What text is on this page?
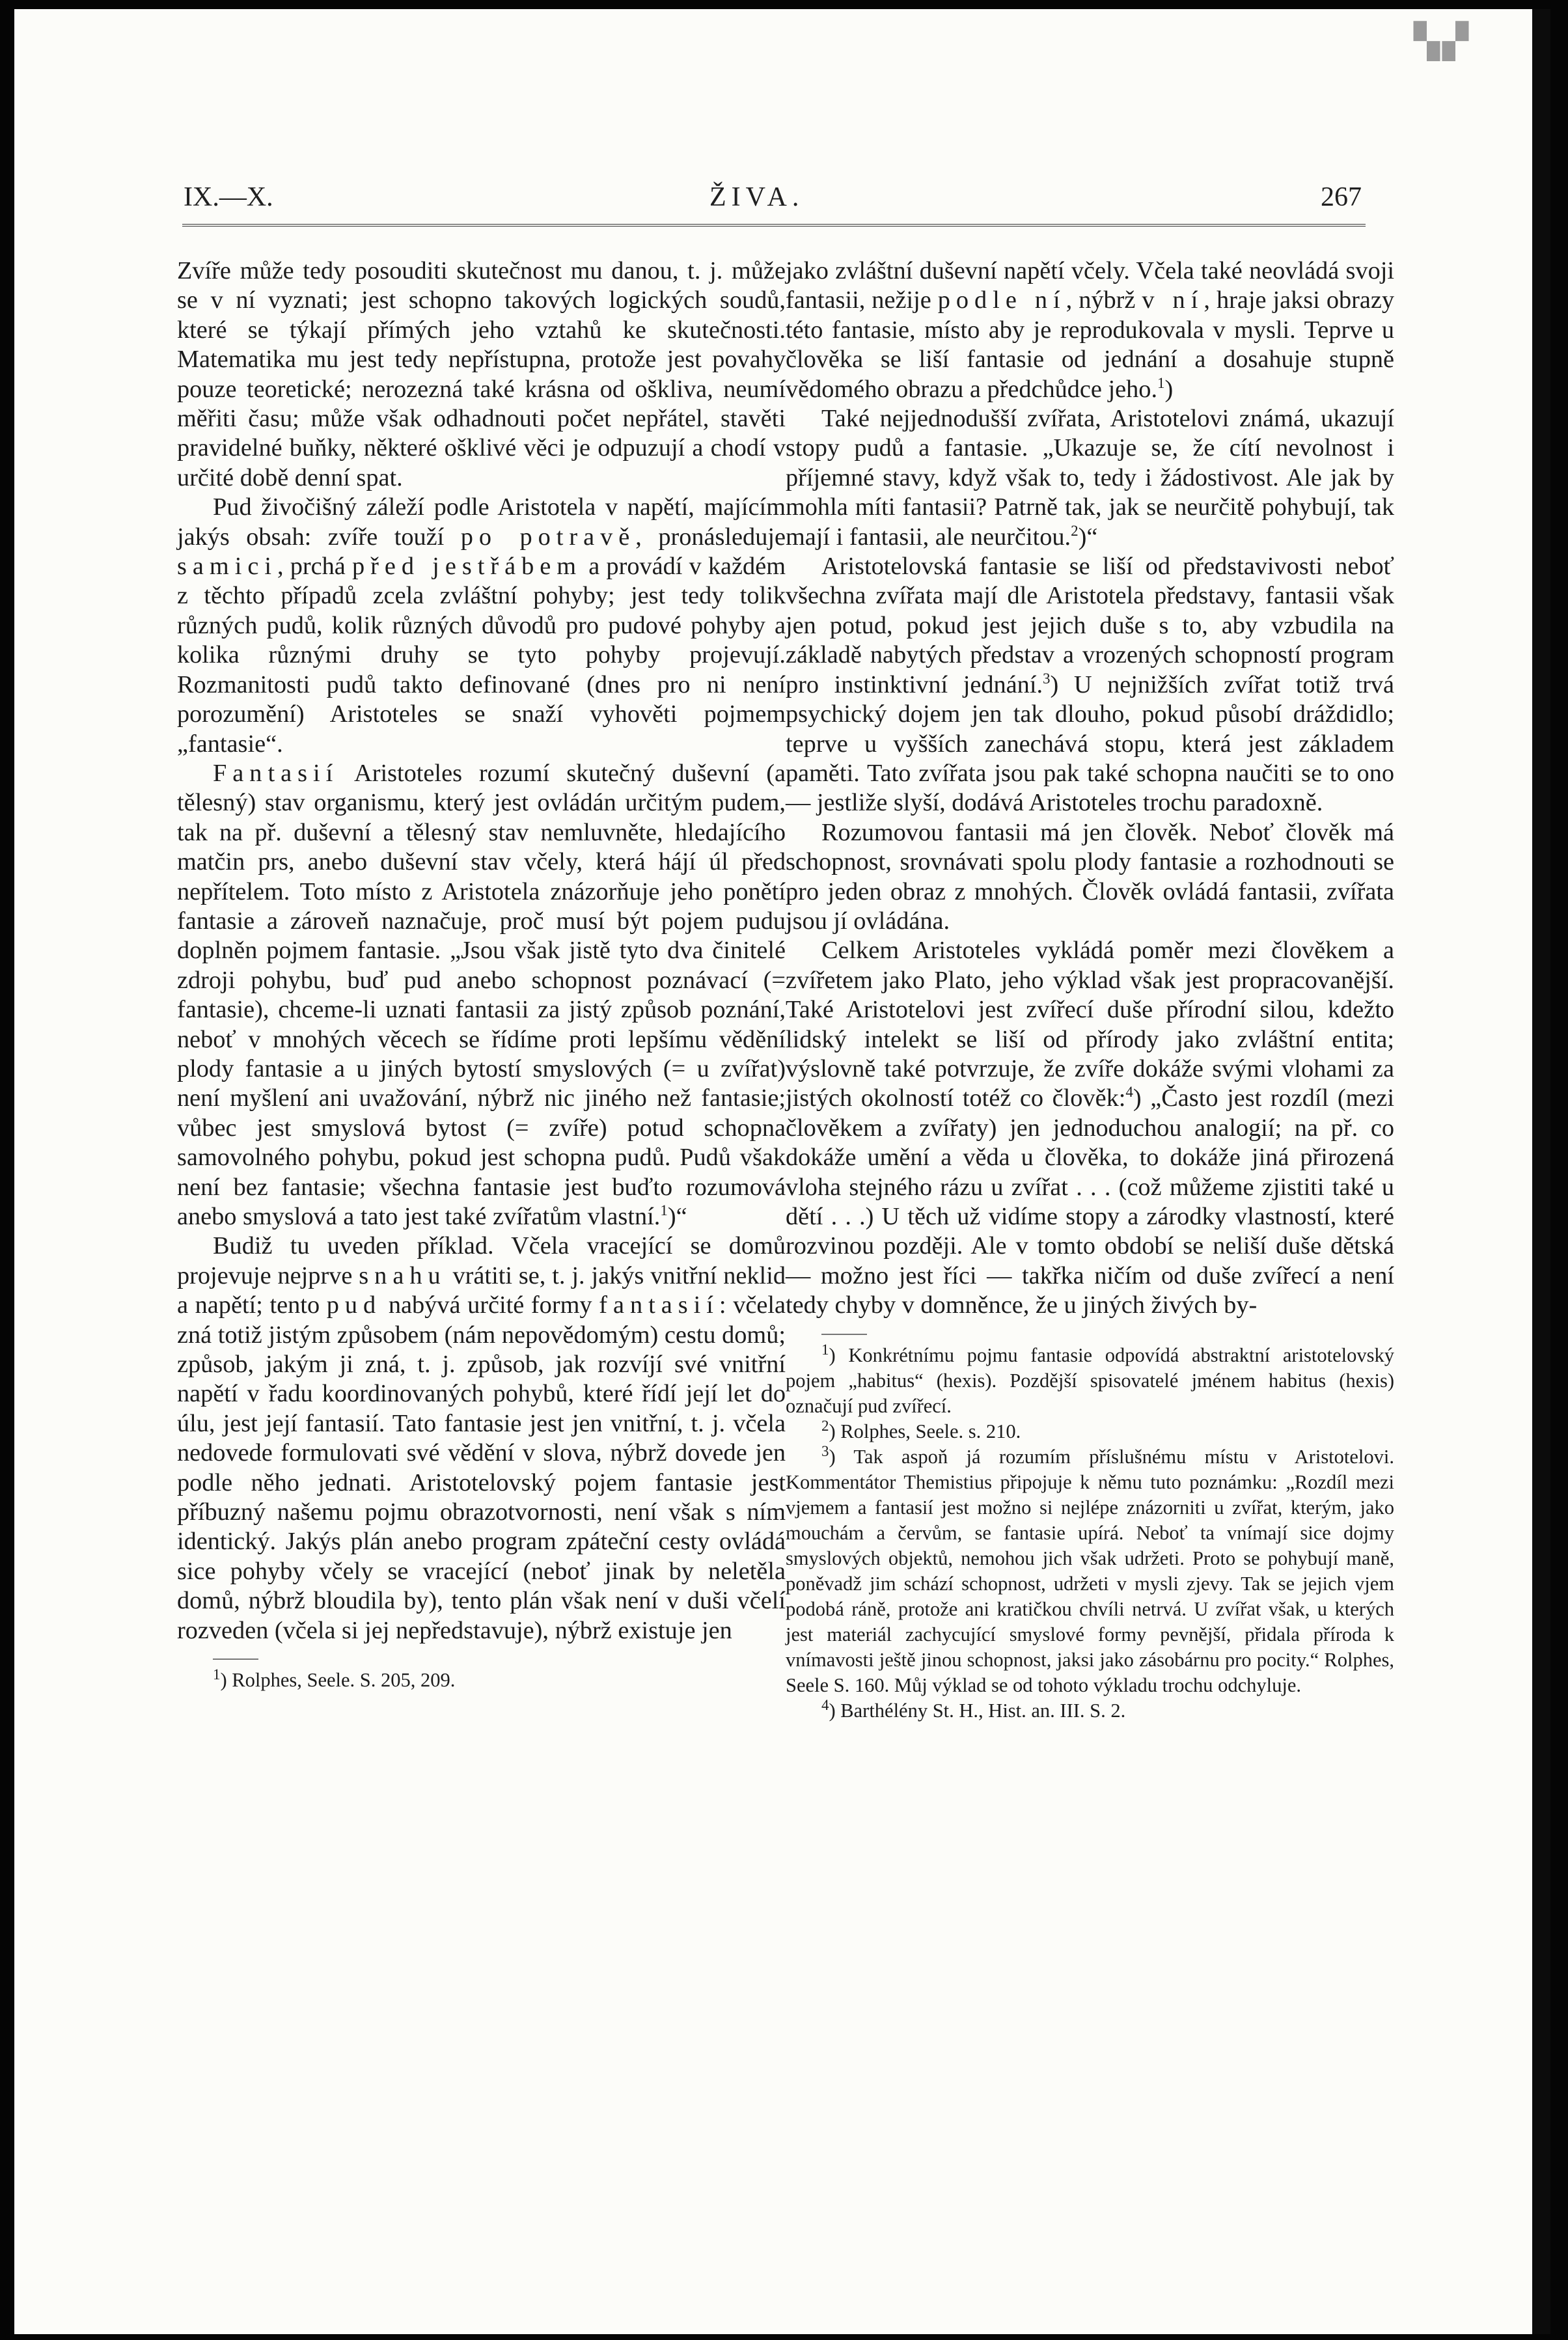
▚▞
IX.—X.	ŽIVA.	267

Zvíře může tedy posouditi skutečnost mu danou, t. j. může se v ní vyznati; jest schopno takových logických soudů, které se týkají přímých jeho vztahů ke skutečnosti. Matematika mu jest tedy nepřístupna, protože jest povahy pouze teoretické; nerozezná také krásna od ošklivа, neumí měřiti času; může však odhadnouti počet nepřátel, stavěti pravidelné buňky, některé ošklivé věci je odpuzují a chodí v určité době denní spat.

Pud živočišný záleží podle Aristotela v napětí, majícím jakýs obsah: zvíře touží po potravě, pronásleduje samici, prchá před jestřábem a provádí v každém z těchto případů zcela zvláštní pohyby; jest tedy tolik různých pudů, kolik různých důvodů pro pudové pohyby a kolika různými druhy se tyto pohyby projevují. Rozmanitosti pudů takto definované (dnes pro ni není porozumění) Aristoteles se snaží vyhověti pojmem „fantasie“.

Fantasií Aristoteles rozumí skutečný duševní (a tělesný) stav organismu, který jest ovládán určitým pudem, tak na př. duševní a tělesný stav nemluvněte, hledajícího matčin prs, anebo duševní stav včely, která hájí úl před nepřítelem. Toto místo z Aristotela znázorňuje jeho ponětí fantasie a zároveň naznačuje, proč musí být pojem pudu doplněn pojmem fantasie. „Jsou však jistě tyto dva činitelé zdroji pohybu, buď pud anebo schopnost poznávací (= fantasie), chceme-li uznati fantasii za jistý způsob poznání, neboť v mnohých věcech se řídíme proti lepšímu vědění plody fantasie a u jiných bytostí smyslových (= u zvířat) není myšlení ani uvažování, nýbrž nic jiného než fantasie; vůbec jest smyslová bytost (= zvíře) potud schopna samovolného pohybu, pokud jest schopna pudů. Pudů však není bez fantasie; všechna fantasie jest buďto rozumová anebo smyslová a tato jest také zvířatům vlastní.$^1$)“

Budiž tu uveden příklad. Včela vracející se domů projevuje nejprve snahu vrátiti se, t. j. jakýs vnitřní neklid a napětí; tento pud nabývá určité formy fantasií: včela zná totiž jistým způsobem (nám nepovědomým) cestu domů; způsob, jakým ji zná, t. j. způsob, jak rozvíjí své vnitřní napětí v řadu koordinovaných pohybů, které řídí její let do úlu, jest její fantasií. Tato fantasie jest jen vnitřní, t. j. včela nedovede formulovati své vědění v slova, nýbrž dovede jen podle něho jednati. Aristotelovský pojem fantasie jest příbuzný našemu pojmu obrazotvornosti, není však s ním identický. Jakýs plán anebo program zpáteční cesty ovládá sice pohyby včely se vracející (neboť jinak by neletěla domů, nýbrž bloudila by), tento plán však není v duši včelí rozveden (včela si jej nepředstavuje), nýbrž existuje jen

$^1$) Rolphes, Seele. S. 205, 209.

jako zvláštní duševní napětí včely. Včela také neovládá svoji fantasii, nežije podle ní, nýbrž v ní, hraje jaksi obrazy této fantasie, místo aby je reprodukovala v mysli. Teprve u člověka se liší fantasie od jednání a dosahuje stupně vědomého obrazu a předchůdce jeho.$^1$)

Také nejjednodušší zvířata, Aristotelovi známá, ukazují stopy pudů a fantasie. „Ukazuje se, že cítí nevolnost i příjemné stavy, když však to, tedy i žádostivost. Ale jak by mohla míti fantasii? Patrně tak, jak se neurčitě pohybují, tak mají i fantasii, ale neurčitou.$^2$)“

Aristotelovská fantasie se liší od představivosti neboť všechna zvířata mají dle Aristotela představy, fantasii však jen potud, pokud jest jejich duše s to, aby vzbudila na základě nabytých představ a vrozených schopností program pro instinktivní jednání.$^3$) U nejnižších zvířat totiž trvá psychický dojem jen tak dlouho, pokud působí dráždidlo; teprve u vyšších zanechává stopu, která jest základem paměti. Tato zvířata jsou pak také schopna naučiti se to ono — jestliže slyší, dodává Aristoteles trochu paradoxně.

Rozumovou fantasii má jen člověk. Neboť člověk má schopnost, srovnávati spolu plody fantasie a rozhodnouti se pro jeden obraz z mnohých. Člověk ovládá fantasii, zvířata jsou jí ovládána.

Celkem Aristoteles vykládá poměr mezi člověkem a zvířetem jako Plato, jeho výklad však jest propracovanější. Také Aristotelovi jest zvířecí duše přírodní silou, kdežto lidský intelekt se liší od přírody jako zvláštní entita; výslovně také potvrzuje, že zvíře dokáže svými vlohami za jistých okolností totéž co člověk:$^4$) „Často jest rozdíl (mezi člověkem a zvířaty) jen jednoduchou analogií; na př. co dokáže umění a věda u člověka, to dokáže jiná přirozená vloha stejného rázu u zvířat . . . (což můžeme zjistiti také u dětí . . .) U těch už vidíme stopy a zárodky vlastností, které rozvinou později. Ale v tomto období se neliší duše dětská — možno jest říci — takřka ničím od duše zvířecí a není tedy chyby v domněnce, že u jiných živých by-

$^1$) Konkrétnímu pojmu fantasie odpovídá abstraktní aristotelovský pojem „habitus“ (hexis). Pozdější spisovatelé jménem habitus (hexis) označují pud zvířecí.

$^2$) Rolphes, Seele. s. 210.

$^3$) Tak aspoň já rozumím příslušnému místu v Aristotelovi. Kommentátor Themistius připojuje k němu tuto poznámku: „Rozdíl mezi vjemem a fantasií jest možno si nejlépe znázorniti u zvířat, kterým, jako mouchám a červům, se fantasie upírá. Neboť ta vnímají sice dojmy smyslových objektů, nemohou jich však udržeti. Proto se pohybují maně, poněvadž jim schází schopnost, udržeti v mysli zjevy. Tak se jejich vjem podobá ráně, protože ani kratičkou chvíli netrvá. U zvířat však, u kterých jest materiál zachycující smyslové formy pevnější, přidala příroda k vnímavosti ještě jinou schopnost, jaksi jako zásobárnu pro pocity.“ Rolphes, Seele S. 160. Můj výklad se od tohoto výkladu trochu odchyluje.

$^4$) Barthélény St. H., Hist. an. III. S. 2.
